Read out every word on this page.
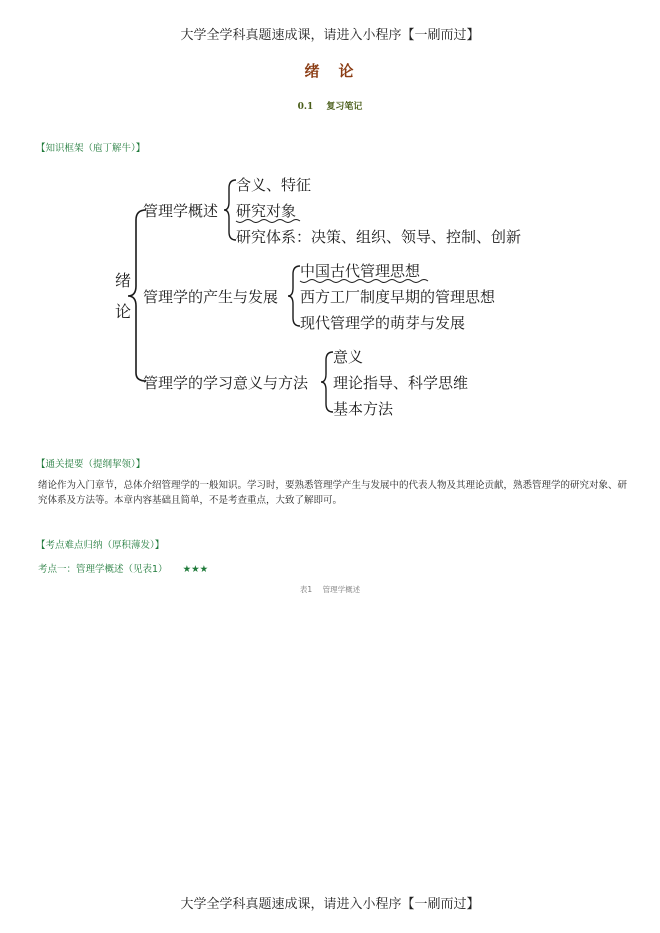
大学全学科真题速成课，请进入小程序【一刷而过】
绪　论
0.1 复习笔记
【知识框架（庖丁解牛）】
绪
论
管理学概述
管理学的产生与发展
管理学的学习意义与方法
含义、特征
研究对象
研究体系：决策、组织、领导、控制、创新
中国古代管理思想
西方工厂制度早期的管理思想
现代管理学的萌芽与发展
意义
理论指导、科学思维
基本方法
【通关提要（提纲挈领）】
绪论作为入门章节，总体介绍管理学的一般知识。学习时，要熟悉管理学产生与发展中的代表人物及其理论贡献，熟悉管理学的研究对象、研究体系及方法等。本章内容基础且简单，不是考查重点，大致了解即可。
【考点难点归纳（厚积薄发）】
考点一：管理学概述（见表1） ★★★
表1 管理学概述
大学全学科真题速成课，请进入小程序【一刷而过】
